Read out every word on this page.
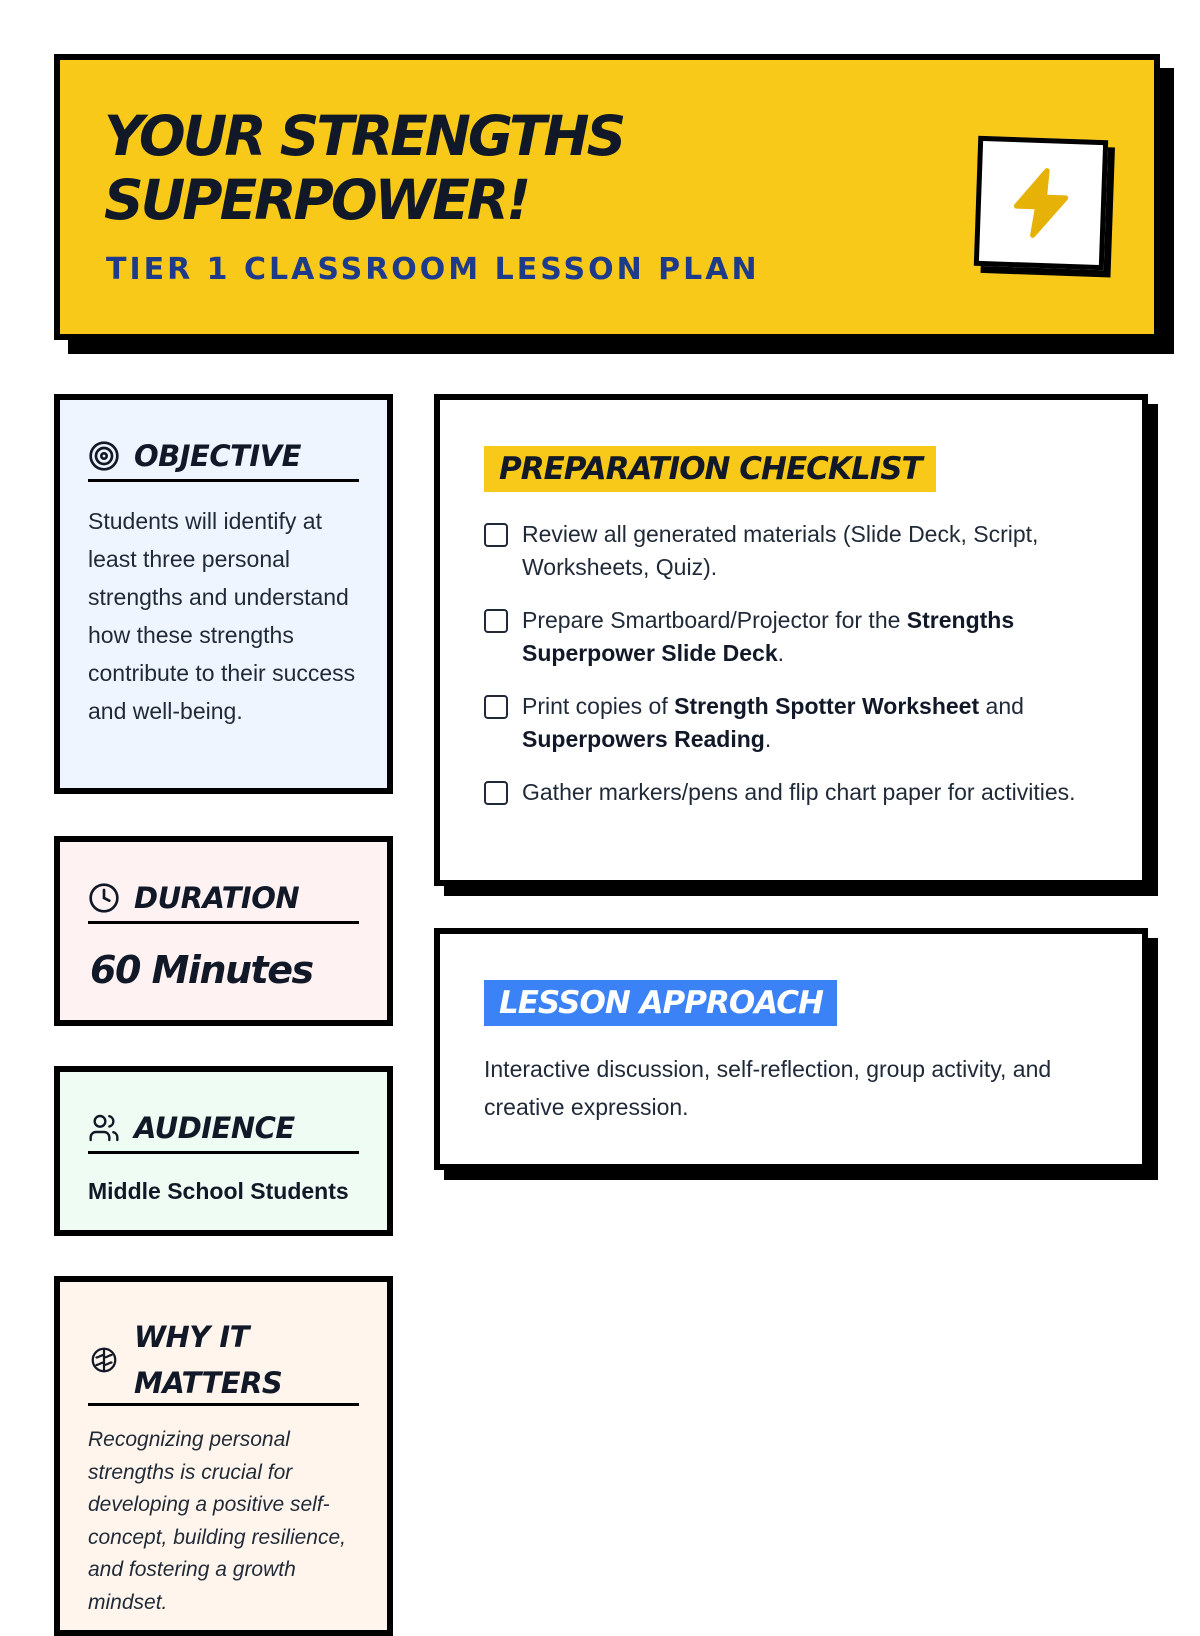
YOUR STRENGTHS
SUPERPOWER!
TIER 1 CLASSROOM LESSON PLAN
OBJECTIVE
Students will identify at least three personal strengths and understand how these strengths contribute to their success and well-being.
DURATION
60 Minutes
AUDIENCE
Middle School Students
WHY IT
MATTERS
Recognizing personal strengths is crucial for developing a positive self-concept, building resilience, and fostering a growth mindset.
PREPARATION CHECKLIST
Review all generated materials (Slide Deck, Script, Worksheets, Quiz).
Prepare Smartboard/Projector for the Strengths Superpower Slide Deck.
Print copies of Strength Spotter Worksheet and Superpowers Reading.
Gather markers/pens and flip chart paper for activities.
LESSON APPROACH
Interactive discussion, self-reflection, group activity, and creative expression.
